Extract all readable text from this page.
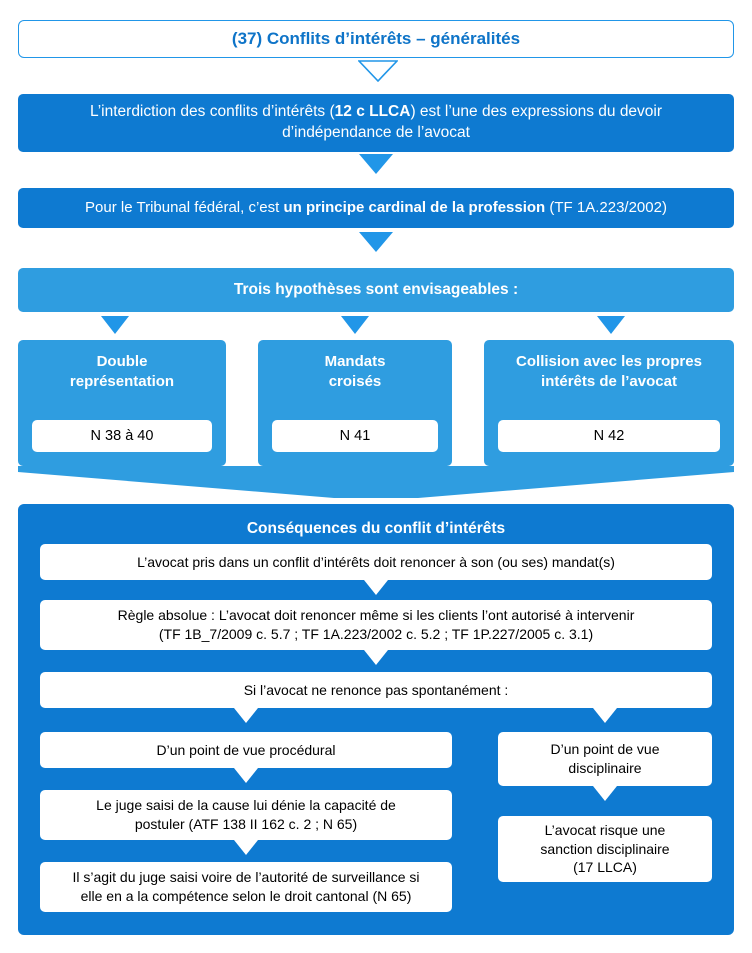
(37) Conflits d’intérêts – généralités
L’interdiction des conflits d’intérêts (12 c LLCA) est l’une des expressions du devoir d’indépendance de l’avocat
Pour le Tribunal fédéral, c’est un principe cardinal de la profession (TF 1A.223/2002)
Trois hypothèses sont envisageables :
Double
représentation
N 38 à 40
Mandats
croisés
N 41
Collision avec les propres
intérêts de l’avocat
N 42
Conséquences du conflit d’intérêts
L’avocat pris dans un conflit d’intérêts doit renoncer à son (ou ses) mandat(s)
Règle absolue : L’avocat doit renoncer même si les clients l’ont autorisé à intervenir
(TF 1B_7/2009 c. 5.7 ; TF 1A.223/2002 c. 5.2 ; TF 1P.227/2005 c. 3.1)
Si l’avocat ne renonce pas spontanément :
D’un point de vue procédural
Le juge saisi de la cause lui dénie la capacité de
postuler (ATF 138 II 162 c. 2 ; N 65)
Il s’agit du juge saisi voire de l’autorité de surveillance si
elle en a la compétence selon le droit cantonal (N 65)
D’un point de vue
disciplinaire
L’avocat risque une
sanction disciplinaire
(17 LLCA)
